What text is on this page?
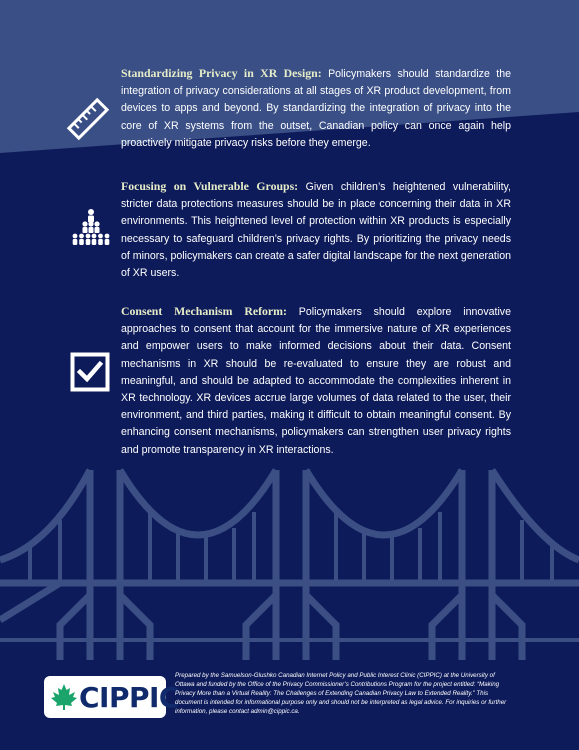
Standardizing Privacy in XR Design: Policymakers should standardize the integration of privacy considerations at all stages of XR product development, from devices to apps and beyond. By standardizing the integration of privacy into the core of XR systems from the outset, Canadian policy can once again help proactively mitigate privacy risks before they emerge.
Focusing on Vulnerable Groups: Given children’s heightened vulnerability, stricter data protections measures should be in place concerning their data in XR environments. This heightened level of protection within XR products is especially necessary to safeguard children’s privacy rights. By prioritizing the privacy needs of minors, policymakers can create a safer digital landscape for the next generation of XR users.
Consent Mechanism Reform: Policymakers should explore innovative approaches to consent that account for the immersive nature of XR experiences and empower users to make informed decisions about their data. Consent mechanisms in XR should be re-evaluated to ensure they are robust and meaningful, and should be adapted to accommodate the complexities inherent in XR technology. XR devices accrue large volumes of data related to the user, their environment, and third parties, making it difficult to obtain meaningful consent. By enhancing consent mechanisms, policymakers can strengthen user privacy rights and promote transparency in XR interactions.
CIPPIC
Prepared by the Samuelson-Glushko Canadian Internet Policy and Public Interest Clinic (CIPPIC) at the University of Ottawa and funded by the Office of the Privacy Commissioner’s Contributions Program for the project entitled: “Making Privacy More than a Virtual Reality: The Challenges of Extending Canadian Privacy Law to Extended Reality.” This document is intended for informational purpose only and should not be interpreted as legal advice. For inquiries or further information, please contact admin@cippic.ca.
